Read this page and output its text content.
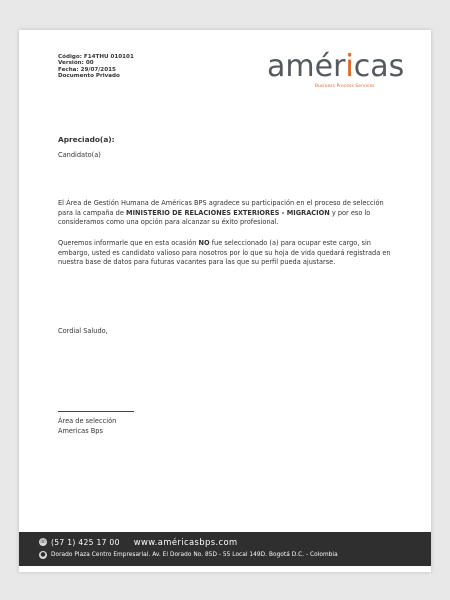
Código: F14THU 010101
Versión: 00
Fecha: 29/07/2015
Documento Privado	américas
Business Process Services
Apreciado(a):
Candidato(a)
El Área de Gestión Humana de Américas BPS agradece su participación en el proceso de selección para la campaña de MINISTERIO DE RELACIONES EXTERIORES - MIGRACION y por eso lo consideramos como una opción para alcanzar su éxito profesional.
Queremos informarle que en esta ocasión NO fue seleccionado (a) para ocupar este cargo, sin embargo, usted es candidato valioso para nosotros por lo que su hoja de vida quedará registrada en nuestra base de datos para futuras vacantes para las que su perfil pueda ajustarse.
Cordial Saludo,
Área de selección
Americas Bps
☏ (57 1) 425 17 00 www.américasbps.com
● Dorado Plaza Centro Empresarial. Av. El Dorado No. 85D - 55 Local 149D. Bogotá D.C. - Colombia
